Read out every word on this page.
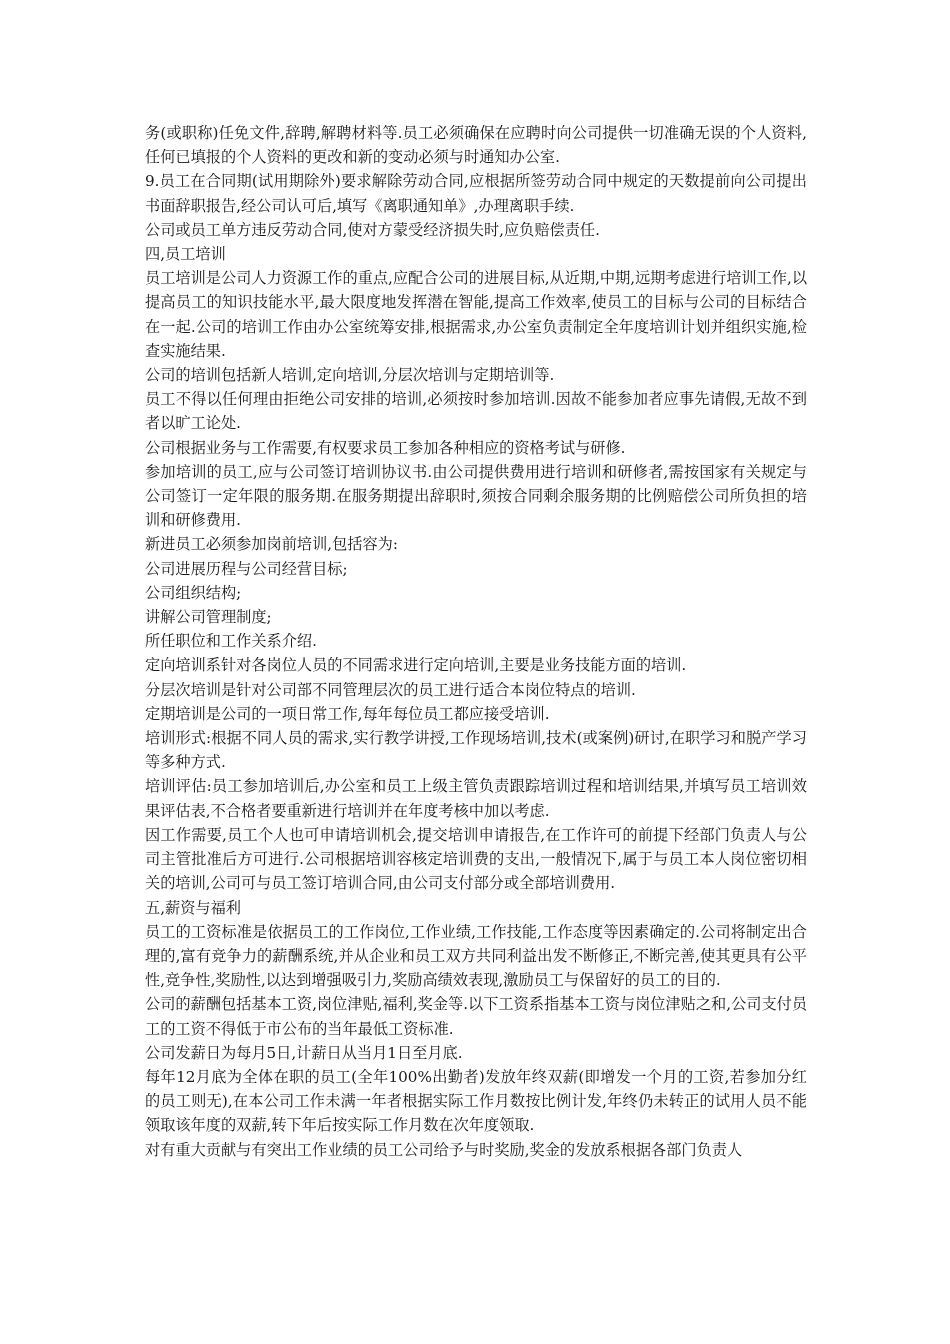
务(或职称)任免文件,辞聘,解聘材料等.员工必须确保在应聘时向公司提供一切准确无误的个人资料,任何已填报的个人资料的更改和新的变动必须与时通知办公室.

9.员工在合同期(试用期除外)要求解除劳动合同,应根据所签劳动合同中规定的天数提前向公司提出书面辞职报告,经公司认可后,填写《离职通知单》,办理离职手续.

公司或员工单方违反劳动合同,使对方蒙受经济损失时,应负赔偿责任.

四,员工培训

员工培训是公司人力资源工作的重点,应配合公司的进展目标,从近期,中期,远期考虑进行培训工作,以提高员工的知识技能水平,最大限度地发挥潜在智能,提高工作效率,使员工的目标与公司的目标结合在一起.公司的培训工作由办公室统筹安排,根据需求,办公室负责制定全年度培训计划并组织实施,检查实施结果.

公司的培训包括新人培训,定向培训,分层次培训与定期培训等.

员工不得以任何理由拒绝公司安排的培训,必须按时参加培训.因故不能参加者应事先请假,无故不到者以旷工论处.

公司根据业务与工作需要,有权要求员工参加各种相应的资格考试与研修.

参加培训的员工,应与公司签订培训协议书.由公司提供费用进行培训和研修者,需按国家有关规定与公司签订一定年限的服务期.在服务期提出辞职时,须按合同剩余服务期的比例赔偿公司所负担的培训和研修费用.

新进员工必须参加岗前培训,包括容为:

公司进展历程与公司经营目标;

公司组织结构;

讲解公司管理制度;

所任职位和工作关系介绍.

定向培训系针对各岗位人员的不同需求进行定向培训,主要是业务技能方面的培训.

分层次培训是针对公司部不同管理层次的员工进行适合本岗位特点的培训.

定期培训是公司的一项日常工作,每年每位员工都应接受培训.

培训形式:根据不同人员的需求,实行教学讲授,工作现场培训,技术(或案例)研讨,在职学习和脱产学习等多种方式.

培训评估:员工参加培训后,办公室和员工上级主管负责跟踪培训过程和培训结果,并填写员工培训效果评估表,不合格者要重新进行培训并在年度考核中加以考虑.

因工作需要,员工个人也可申请培训机会,提交培训申请报告,在工作许可的前提下经部门负责人与公司主管批准后方可进行.公司根据培训容核定培训费的支出,一般情况下,属于与员工本人岗位密切相关的培训,公司可与员工签订培训合同,由公司支付部分或全部培训费用.

五,薪资与福利

员工的工资标准是依据员工的工作岗位,工作业绩,工作技能,工作态度等因素确定的.公司将制定出合理的,富有竞争力的薪酬系统,并从企业和员工双方共同利益出发不断修正,不断完善,使其更具有公平性,竞争性,奖励性,以达到增强吸引力,奖励高绩效表现,激励员工与保留好的员工的目的.

公司的薪酬包括基本工资,岗位津贴,福利,奖金等.以下工资系指基本工资与岗位津贴之和,公司支付员工的工资不得低于市公布的当年最低工资标准.

公司发薪日为每月5日,计薪日从当月1日至月底.

每年12月底为全体在职的员工(全年100%出勤者)发放年终双薪(即增发一个月的工资,若参加分红的员工则无),在本公司工作未满一年者根据实际工作月数按比例计发,年终仍未转正的试用人员不能领取该年度的双薪,转下年后按实际工作月数在次年度领取.

对有重大贡献与有突出工作业绩的员工公司给予与时奖励,奖金的发放系根据各部门负责人
